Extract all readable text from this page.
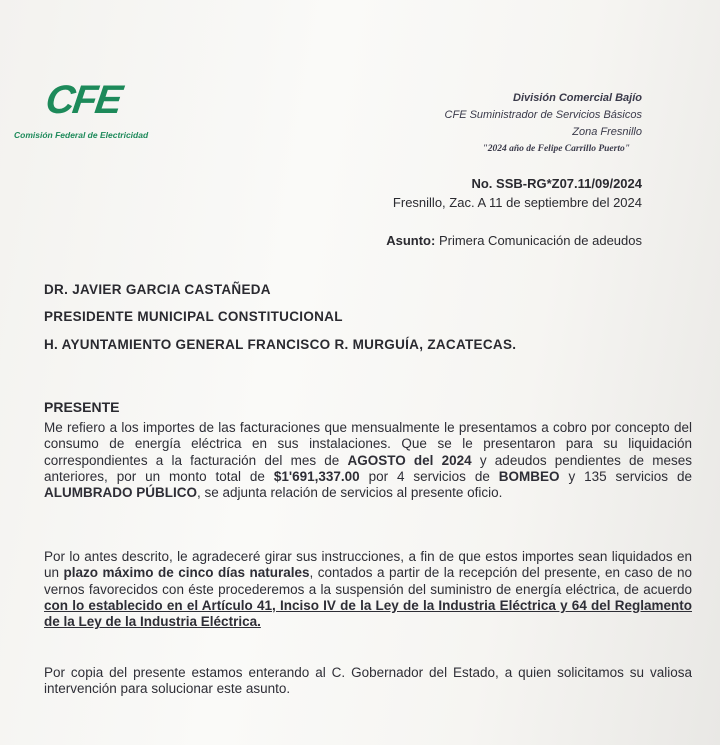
CFE
Comisión Federal de Electricidad
División Comercial Bajío
CFE Suministrador de Servicios Básicos
Zona Fresnillo
"2024 año de Felipe Carrillo Puerto"
No. SSB-RG*Z07.11/09/2024
Fresnillo, Zac. A 11 de septiembre del 2024
Asunto: Primera Comunicación de adeudos
DR. JAVIER GARCIA CASTAÑEDA
PRESIDENTE MUNICIPAL CONSTITUCIONAL
H. AYUNTAMIENTO GENERAL FRANCISCO R. MURGUÍA, ZACATECAS.
PRESENTE
Me refiero a los importes de las facturaciones que mensualmente le presentamos a cobro por concepto del consumo de energía eléctrica en sus instalaciones. Que se le presentaron para su liquidación correspondientes a la facturación del mes de AGOSTO del 2024 y adeudos pendientes de meses anteriores, por un monto total de $1'691,337.00 por 4 servicios de BOMBEO y 135 servicios de ALUMBRADO PÚBLICO, se adjunta relación de servicios al presente oficio.
Por lo antes descrito, le agradeceré girar sus instrucciones, a fin de que estos importes sean liquidados en un plazo máximo de cinco días naturales, contados a partir de la recepción del presente, en caso de no vernos favorecidos con éste procederemos a la suspensión del suministro de energía eléctrica, de acuerdo con lo establecido en el Artículo 41, Inciso IV de la Ley de la Industria Eléctrica y 64 del Reglamento de la Ley de la Industria Eléctrica.
Por copia del presente estamos enterando al C. Gobernador del Estado, a quien solicitamos su valiosa intervención para solucionar este asunto.
